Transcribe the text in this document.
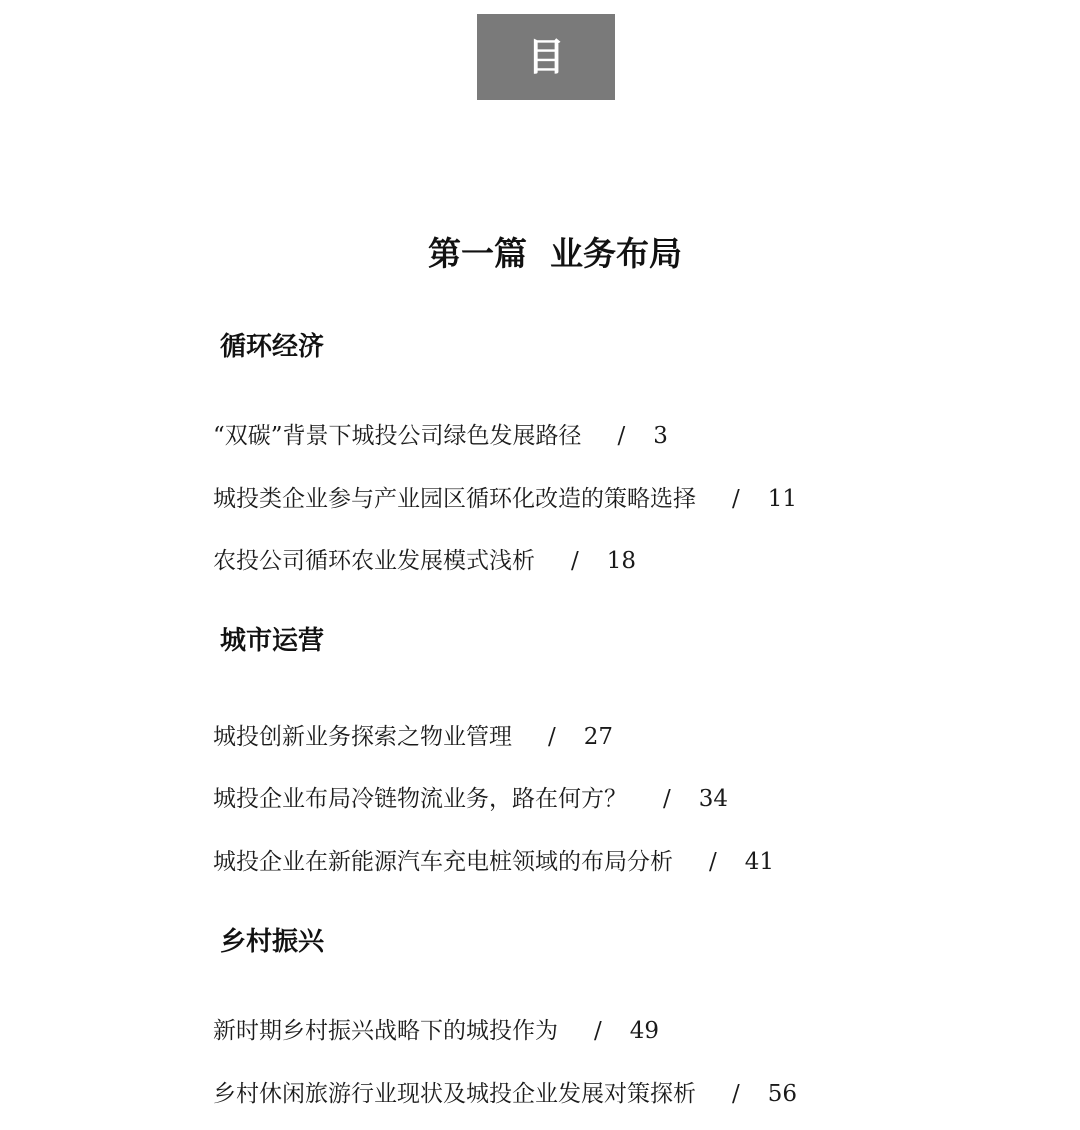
目 录
第一篇  业务布局
循环经济
“双碳”背景下城投公司绿色发展路径 / 3
城投类企业参与产业园区循环化改造的策略选择 / 11
农投公司循环农业发展模式浅析 / 18
城市运营
城投创新业务探索之物业管理 / 27
城投企业布局冷链物流业务，路在何方？ / 34
城投企业在新能源汽车充电桩领域的布局分析 / 41
乡村振兴
新时期乡村振兴战略下的城投作为 / 49
乡村休闲旅游行业现状及城投企业发展对策探析 / 56
